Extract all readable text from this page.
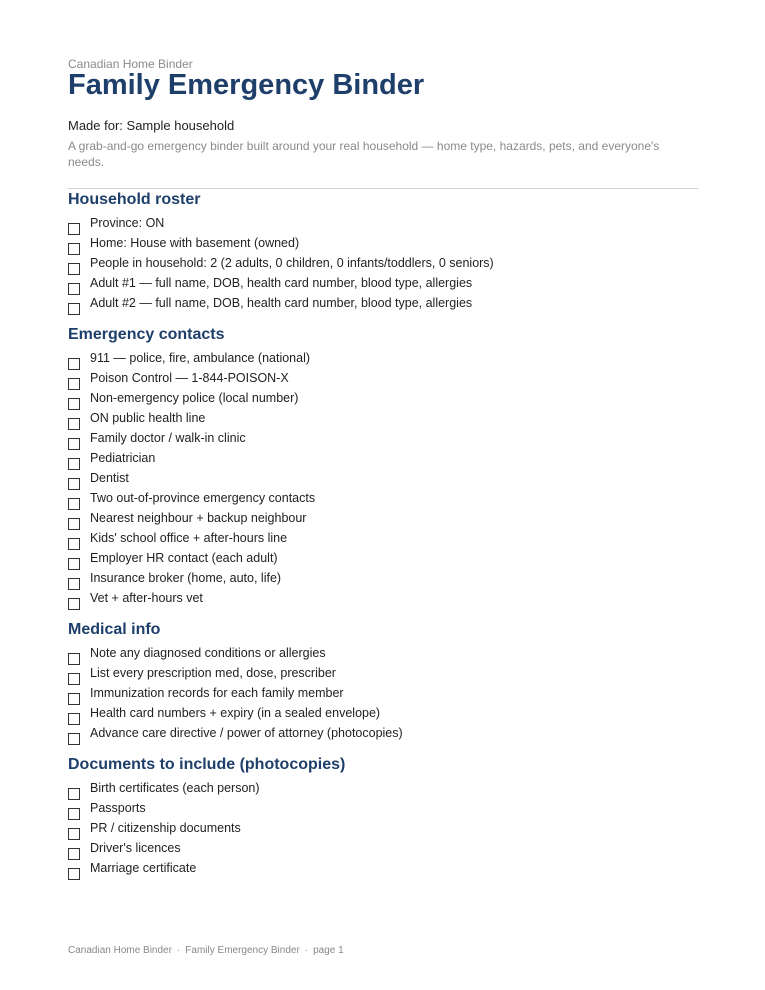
Canadian Home Binder
Family Emergency Binder
Made for: Sample household
A grab-and-go emergency binder built around your real household — home type, hazards, pets, and everyone's needs.
Household roster
Province: ON
Home: House with basement (owned)
People in household: 2 (2 adults, 0 children, 0 infants/toddlers, 0 seniors)
Adult #1 — full name, DOB, health card number, blood type, allergies
Adult #2 — full name, DOB, health card number, blood type, allergies
Emergency contacts
911 — police, fire, ambulance (national)
Poison Control — 1-844-POISON-X
Non-emergency police (local number)
ON public health line
Family doctor / walk-in clinic
Pediatrician
Dentist
Two out-of-province emergency contacts
Nearest neighbour + backup neighbour
Kids' school office + after-hours line
Employer HR contact (each adult)
Insurance broker (home, auto, life)
Vet + after-hours vet
Medical info
Note any diagnosed conditions or allergies
List every prescription med, dose, prescriber
Immunization records for each family member
Health card numbers + expiry (in a sealed envelope)
Advance care directive / power of attorney (photocopies)
Documents to include (photocopies)
Birth certificates (each person)
Passports
PR / citizenship documents
Driver's licences
Marriage certificate
Canadian Home Binder · Family Emergency Binder · page 1
